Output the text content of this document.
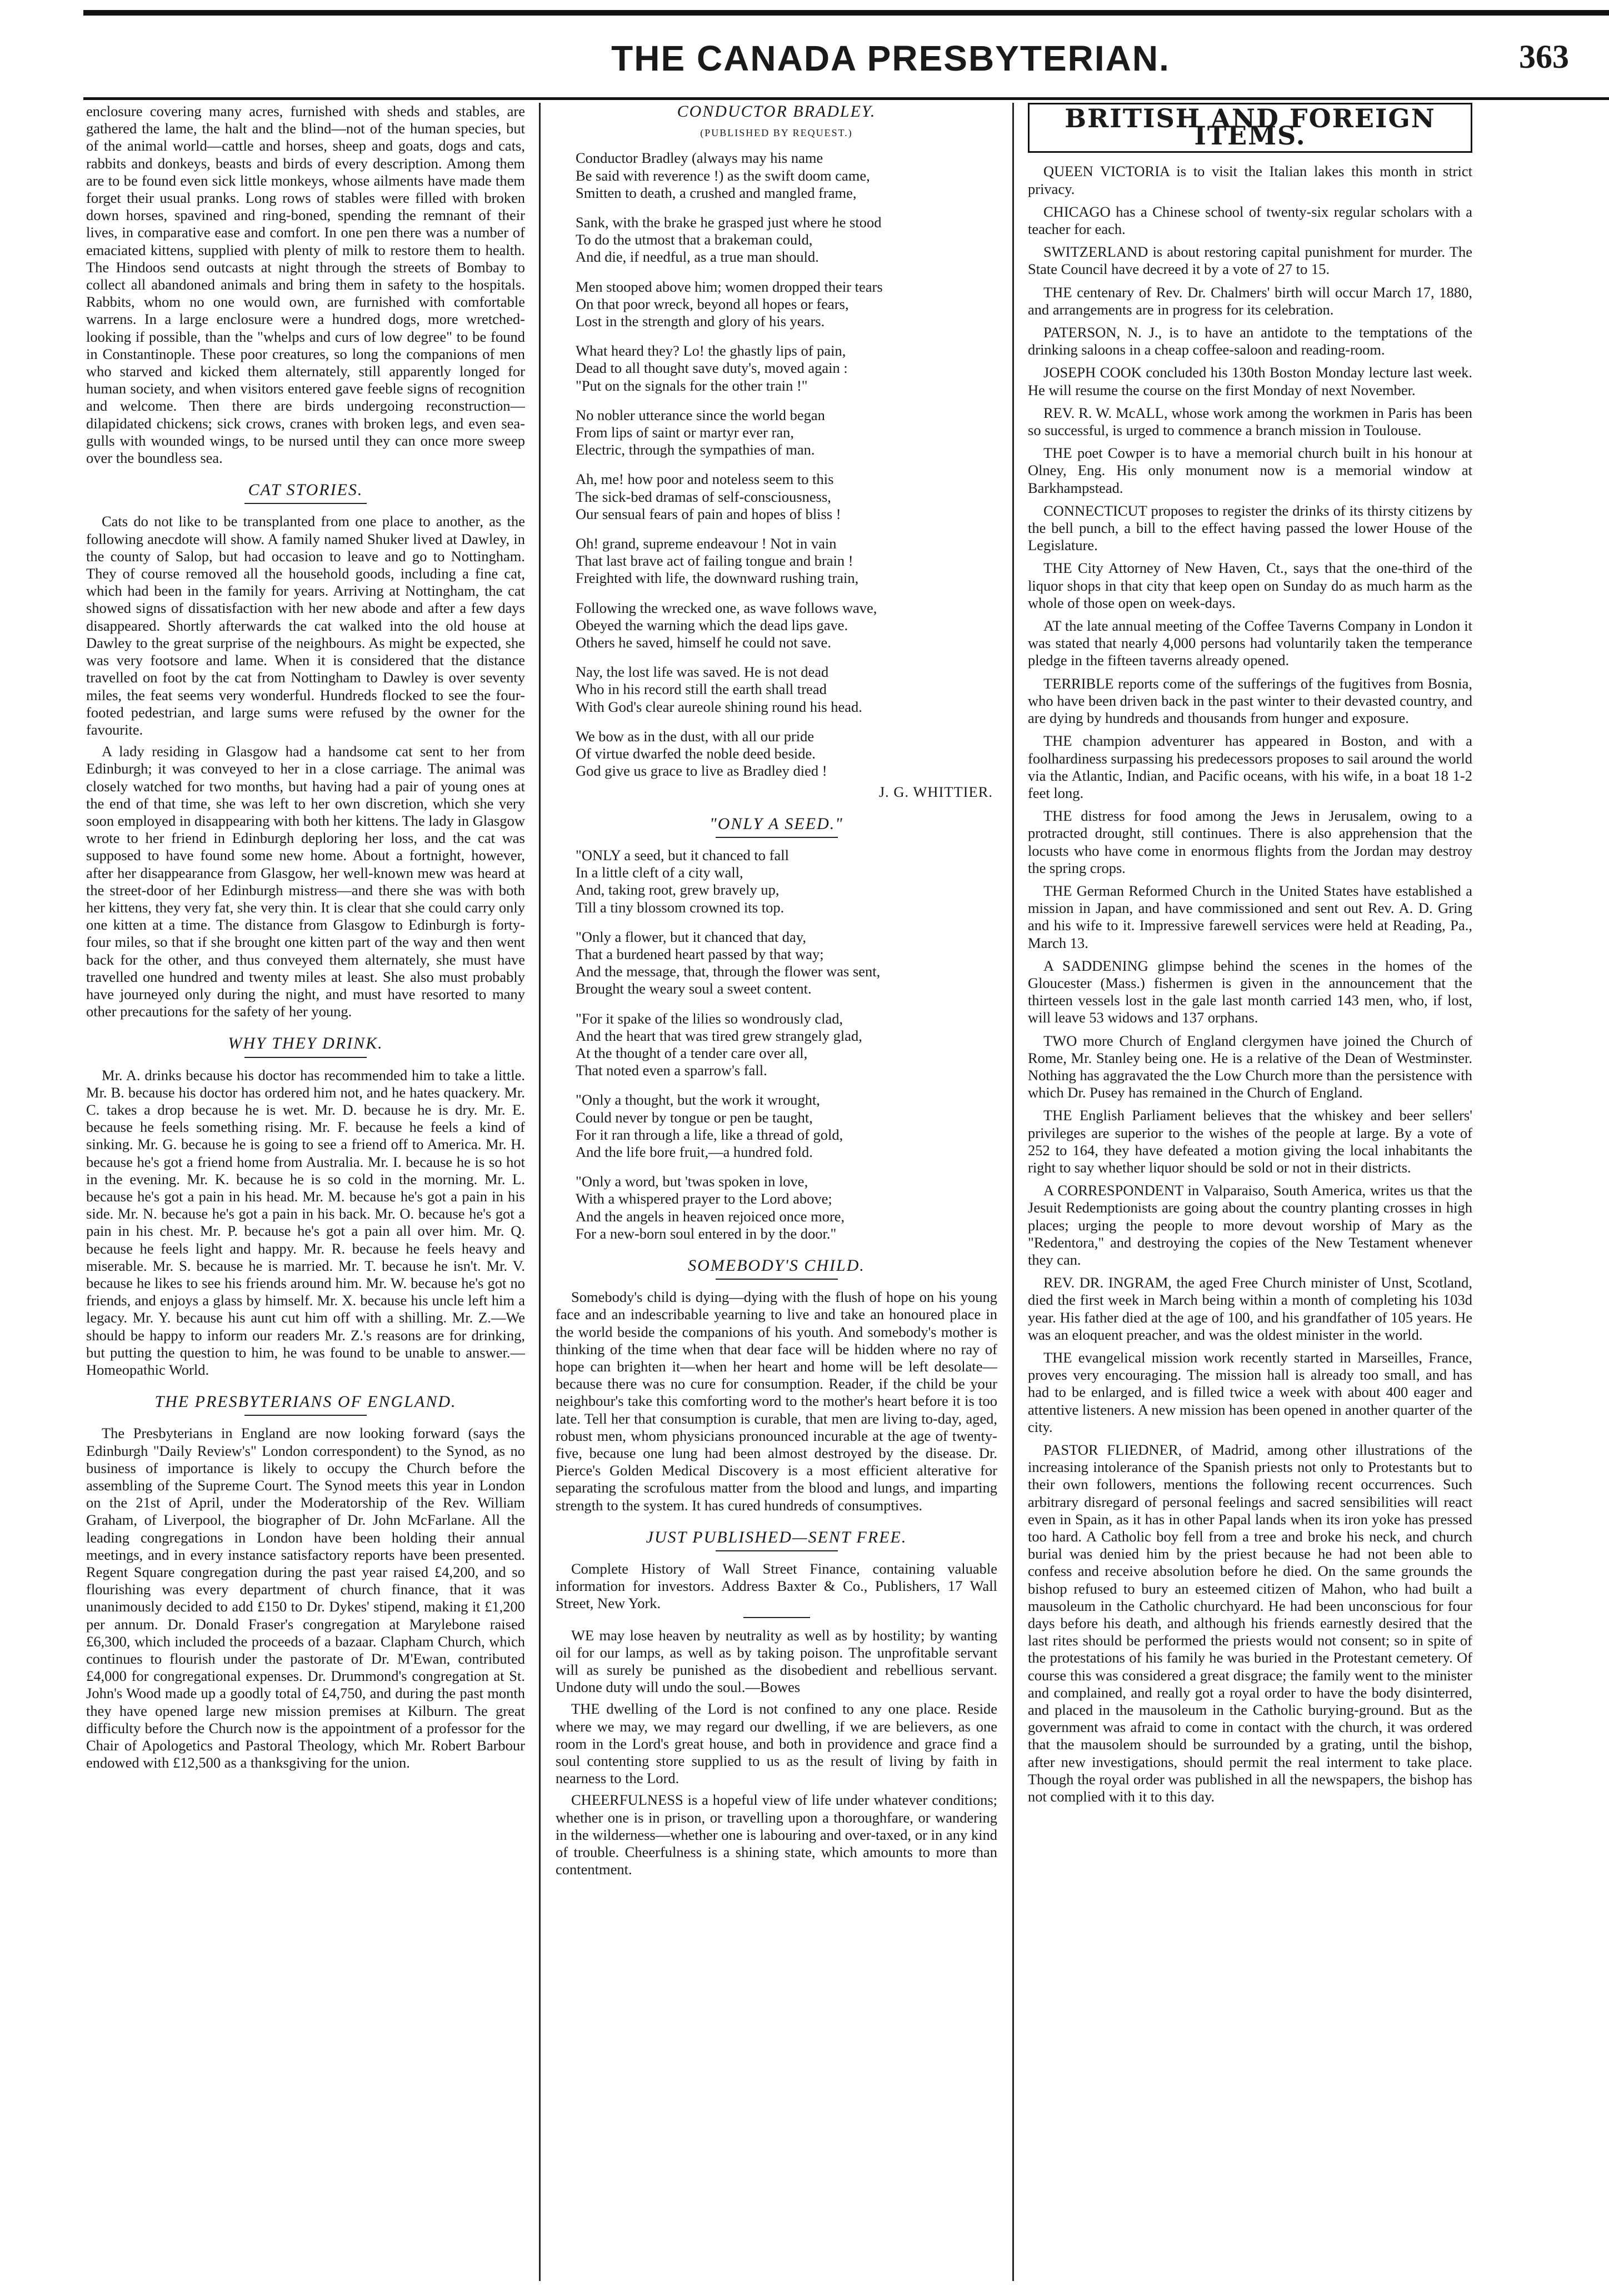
THE CANADA PRESBYTERIAN.	363

enclosure covering many acres, furnished with sheds and stables, are gathered the lame, the halt and the blind—not of the human species, but of the animal world—cattle and horses, sheep and goats, dogs and cats, rabbits and donkeys, beasts and birds of every description. Among them are to be found even sick little monkeys, whose ailments have made them forget their usual pranks. Long rows of stables were filled with broken down horses, spavined and ring-boned, spending the remnant of their lives, in comparative ease and comfort. In one pen there was a number of emaciated kittens, supplied with plenty of milk to restore them to health. The Hindoos send outcasts at night through the streets of Bombay to collect all abandoned animals and bring them in safety to the hospitals. Rabbits, whom no one would own, are furnished with comfortable warrens. In a large enclosure were a hundred dogs, more wretched-looking if possible, than the "whelps and curs of low degree" to be found in Constantinople. These poor creatures, so long the companions of men who starved and kicked them alternately, still apparently longed for human society, and when visitors entered gave feeble signs of recognition and welcome. Then there are birds undergoing reconstruction—dilapidated chickens; sick crows, cranes with broken legs, and even sea-gulls with wounded wings, to be nursed until they can once more sweep over the boundless sea.

CAT STORIES.

Cats do not like to be transplanted from one place to another, as the following anecdote will show. A family named Shuker lived at Dawley, in the county of Salop, but had occasion to leave and go to Nottingham. They of course removed all the household goods, including a fine cat, which had been in the family for years. Arriving at Nottingham, the cat showed signs of dissatisfaction with her new abode and after a few days disappeared. Shortly afterwards the cat walked into the old house at Dawley to the great surprise of the neighbours. As might be expected, she was very footsore and lame. When it is considered that the distance travelled on foot by the cat from Nottingham to Dawley is over seventy miles, the feat seems very wonderful. Hundreds flocked to see the four-footed pedestrian, and large sums were refused by the owner for the favourite.

A lady residing in Glasgow had a handsome cat sent to her from Edinburgh; it was conveyed to her in a close carriage. The animal was closely watched for two months, but having had a pair of young ones at the end of that time, she was left to her own discretion, which she very soon employed in disappearing with both her kittens. The lady in Glasgow wrote to her friend in Edinburgh deploring her loss, and the cat was supposed to have found some new home. About a fortnight, however, after her disappearance from Glasgow, her well-known mew was heard at the street-door of her Edinburgh mistress—and there she was with both her kittens, they very fat, she very thin. It is clear that she could carry only one kitten at a time. The distance from Glasgow to Edinburgh is forty-four miles, so that if she brought one kitten part of the way and then went back for the other, and thus conveyed them alternately, she must have travelled one hundred and twenty miles at least. She also must probably have journeyed only during the night, and must have resorted to many other precautions for the safety of her young.

WHY THEY DRINK.

Mr. A. drinks because his doctor has recommended him to take a little. Mr. B. because his doctor has ordered him not, and he hates quackery. Mr. C. takes a drop because he is wet. Mr. D. because he is dry. Mr. E. because he feels something rising. Mr. F. because he feels a kind of sinking. Mr. G. because he is going to see a friend off to America. Mr. H. because he's got a friend home from Australia. Mr. I. because he is so hot in the evening. Mr. K. because he is so cold in the morning. Mr. L. because he's got a pain in his head. Mr. M. because he's got a pain in his side. Mr. N. because he's got a pain in his back. Mr. O. because he's got a pain in his chest. Mr. P. because he's got a pain all over him. Mr. Q. because he feels light and happy. Mr. R. because he feels heavy and miserable. Mr. S. because he is married. Mr. T. because he isn't. Mr. V. because he likes to see his friends around him. Mr. W. because he's got no friends, and enjoys a glass by himself. Mr. X. because his uncle left him a legacy. Mr. Y. because his aunt cut him off with a shilling. Mr. Z.—We should be happy to inform our readers Mr. Z.'s reasons are for drinking, but putting the question to him, he was found to be unable to answer.—Homeopathic World.

THE PRESBYTERIANS OF ENGLAND.

The Presbyterians in England are now looking forward (says the Edinburgh "Daily Review's" London correspondent) to the Synod, as no business of importance is likely to occupy the Church before the assembling of the Supreme Court. The Synod meets this year in London on the 21st of April, under the Moderatorship of the Rev. William Graham, of Liverpool, the biographer of Dr. John McFarlane. All the leading congregations in London have been holding their annual meetings, and in every instance satisfactory reports have been presented. Regent Square congregation during the past year raised £4,200, and so flourishing was every department of church finance, that it was unanimously decided to add £150 to Dr. Dykes' stipend, making it £1,200 per annum. Dr. Donald Fraser's congregation at Marylebone raised £6,300, which included the proceeds of a bazaar. Clapham Church, which continues to flourish under the pastorate of Dr. M'Ewan, contributed £4,000 for congregational expenses. Dr. Drummond's congregation at St. John's Wood made up a goodly total of £4,750, and during the past month they have opened large new mission premises at Kilburn. The great difficulty before the Church now is the appointment of a professor for the Chair of Apologetics and Pastoral Theology, which Mr. Robert Barbour endowed with £12,500 as a thanksgiving for the union.

CONDUCTOR BRADLEY.
(PUBLISHED BY REQUEST.)
Conductor Bradley (always may his name
Be said with reverence !) as the swift doom came,
Smitten to death, a crushed and mangled frame,
Sank, with the brake he grasped just where he stood
To do the utmost that a brakeman could,
And die, if needful, as a true man should.
Men stooped above him; women dropped their tears
On that poor wreck, beyond all hopes or fears,
Lost in the strength and glory of his years.
What heard they? Lo! the ghastly lips of pain,
Dead to all thought save duty's, moved again :
"Put on the signals for the other train !"
No nobler utterance since the world began
From lips of saint or martyr ever ran,
Electric, through the sympathies of man.
Ah, me! how poor and noteless seem to this
The sick-bed dramas of self-consciousness,
Our sensual fears of pain and hopes of bliss !
Oh! grand, supreme endeavour ! Not in vain
That last brave act of failing tongue and brain !
Freighted with life, the downward rushing train,
Following the wrecked one, as wave follows wave,
Obeyed the warning which the dead lips gave.
Others he saved, himself he could not save.
Nay, the lost life was saved. He is not dead
Who in his record still the earth shall tread
With God's clear aureole shining round his head.
We bow as in the dust, with all our pride
Of virtue dwarfed the noble deed beside.
God give us grace to live as Bradley died !
J. G. WHITTIER.
"ONLY A SEED."
"ONLY a seed, but it chanced to fall
In a little cleft of a city wall,
And, taking root, grew bravely up,
Till a tiny blossom crowned its top.
"Only a flower, but it chanced that day,
That a burdened heart passed by that way;
And the message, that, through the flower was sent,
Brought the weary soul a sweet content.
"For it spake of the lilies so wondrously clad,
And the heart that was tired grew strangely glad,
At the thought of a tender care over all,
That noted even a sparrow's fall.
"Only a thought, but the work it wrought,
Could never by tongue or pen be taught,
For it ran through a life, like a thread of gold,
And the life bore fruit,—a hundred fold.
"Only a word, but 'twas spoken in love,
With a whispered prayer to the Lord above;
And the angels in heaven rejoiced once more,
For a new-born soul entered in by the door."
SOMEBODY'S CHILD.

Somebody's child is dying—dying with the flush of hope on his young face and an indescribable yearning to live and take an honoured place in the world beside the companions of his youth. And somebody's mother is thinking of the time when that dear face will be hidden where no ray of hope can brighten it—when her heart and home will be left desolate—because there was no cure for consumption. Reader, if the child be your neighbour's take this comforting word to the mother's heart before it is too late. Tell her that consumption is curable, that men are living to-day, aged, robust men, whom physicians pronounced incurable at the age of twenty-five, because one lung had been almost destroyed by the disease. Dr. Pierce's Golden Medical Discovery is a most efficient alterative for separating the scrofulous matter from the blood and lungs, and imparting strength to the system. It has cured hundreds of consumptives.

JUST PUBLISHED—SENT FREE.

Complete History of Wall Street Finance, containing valuable information for investors. Address Baxter & Co., Publishers, 17 Wall Street, New York.

WE may lose heaven by neutrality as well as by hostility; by wanting oil for our lamps, as well as by taking poison. The unprofitable servant will as surely be punished as the disobedient and rebellious servant. Undone duty will undo the soul.—Bowes

THE dwelling of the Lord is not confined to any one place. Reside where we may, we may regard our dwelling, if we are believers, as one room in the Lord's great house, and both in providence and grace find a soul contenting store supplied to us as the result of living by faith in nearness to the Lord.

CHEERFULNESS is a hopeful view of life under whatever conditions; whether one is in prison, or travelling upon a thoroughfare, or wandering in the wilderness—whether one is labouring and over-taxed, or in any kind of trouble. Cheerfulness is a shining state, which amounts to more than contentment.

BRITISH AND FOREIGN ITEMS.

QUEEN VICTORIA is to visit the Italian lakes this month in strict privacy.

CHICAGO has a Chinese school of twenty-six regular scholars with a teacher for each.

SWITZERLAND is about restoring capital punishment for murder. The State Council have decreed it by a vote of 27 to 15.

THE centenary of Rev. Dr. Chalmers' birth will occur March 17, 1880, and arrangements are in progress for its celebration.

PATERSON, N. J., is to have an antidote to the temptations of the drinking saloons in a cheap coffee-saloon and reading-room.

JOSEPH COOK concluded his 130th Boston Monday lecture last week. He will resume the course on the first Monday of next November.

REV. R. W. McALL, whose work among the workmen in Paris has been so successful, is urged to commence a branch mission in Toulouse.

THE poet Cowper is to have a memorial church built in his honour at Olney, Eng. His only monument now is a memorial window at Barkhampstead.

CONNECTICUT proposes to register the drinks of its thirsty citizens by the bell punch, a bill to the effect having passed the lower House of the Legislature.

THE City Attorney of New Haven, Ct., says that the one-third of the liquor shops in that city that keep open on Sunday do as much harm as the whole of those open on week-days.

AT the late annual meeting of the Coffee Taverns Company in London it was stated that nearly 4,000 persons had voluntarily taken the temperance pledge in the fifteen taverns already opened.

TERRIBLE reports come of the sufferings of the fugitives from Bosnia, who have been driven back in the past winter to their devasted country, and are dying by hundreds and thousands from hunger and exposure.

THE champion adventurer has appeared in Boston, and with a foolhardiness surpassing his predecessors proposes to sail around the world via the Atlantic, Indian, and Pacific oceans, with his wife, in a boat 18 1-2 feet long.

THE distress for food among the Jews in Jerusalem, owing to a protracted drought, still continues. There is also apprehension that the locusts who have come in enormous flights from the Jordan may destroy the spring crops.

THE German Reformed Church in the United States have established a mission in Japan, and have commissioned and sent out Rev. A. D. Gring and his wife to it. Impressive farewell services were held at Reading, Pa., March 13.

A SADDENING glimpse behind the scenes in the homes of the Gloucester (Mass.) fishermen is given in the announcement that the thirteen vessels lost in the gale last month carried 143 men, who, if lost, will leave 53 widows and 137 orphans.

TWO more Church of England clergymen have joined the Church of Rome, Mr. Stanley being one. He is a relative of the Dean of Westminster. Nothing has aggravated the the Low Church more than the persistence with which Dr. Pusey has remained in the Church of England.

THE English Parliament believes that the whiskey and beer sellers' privileges are superior to the wishes of the people at large. By a vote of 252 to 164, they have defeated a motion giving the local inhabitants the right to say whether liquor should be sold or not in their districts.

A CORRESPONDENT in Valparaiso, South America, writes us that the Jesuit Redemptionists are going about the country planting crosses in high places; urging the people to more devout worship of Mary as the "Redentora," and destroying the copies of the New Testament whenever they can.

REV. DR. INGRAM, the aged Free Church minister of Unst, Scotland, died the first week in March being within a month of completing his 103d year. His father died at the age of 100, and his grandfather of 105 years. He was an eloquent preacher, and was the oldest minister in the world.

THE evangelical mission work recently started in Marseilles, France, proves very encouraging. The mission hall is already too small, and has had to be enlarged, and is filled twice a week with about 400 eager and attentive listeners. A new mission has been opened in another quarter of the city.

PASTOR FLIEDNER, of Madrid, among other illustrations of the increasing intolerance of the Spanish priests not only to Protestants but to their own followers, mentions the following recent occurrences. Such arbitrary disregard of personal feelings and sacred sensibilities will react even in Spain, as it has in other Papal lands when its iron yoke has pressed too hard. A Catholic boy fell from a tree and broke his neck, and church burial was denied him by the priest because he had not been able to confess and receive absolution before he died. On the same grounds the bishop refused to bury an esteemed citizen of Mahon, who had built a mausoleum in the Catholic churchyard. He had been unconscious for four days before his death, and although his friends earnestly desired that the last rites should be performed the priests would not consent; so in spite of the protestations of his family he was buried in the Protestant cemetery. Of course this was considered a great disgrace; the family went to the minister and complained, and really got a royal order to have the body disinterred, and placed in the mausoleum in the Catholic burying-ground. But as the government was afraid to come in contact with the church, it was ordered that the mausolem should be surrounded by a grating, until the bishop, after new investigations, should permit the real interment to take place. Though the royal order was published in all the newspapers, the bishop has not complied with it to this day.
